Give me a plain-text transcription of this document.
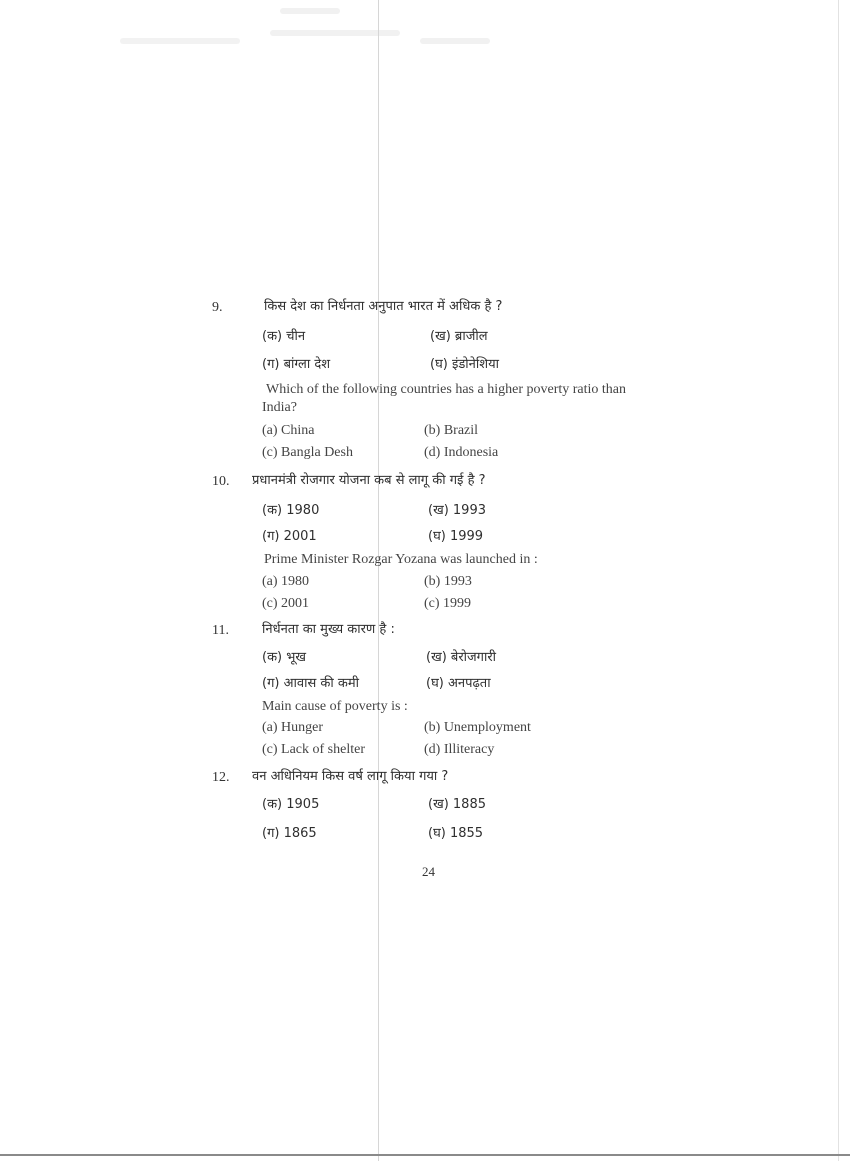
9.	किस देश का निर्धनता अनुपात भारत में अधिक है ?
(क) चीन	(ख) ब्राजील
(ग) बांग्ला देश	(घ) इंडोनेशिया
Which of the following countries has a higher poverty ratio than
India?
(a) China	(b) Brazil
(c) Bangla Desh	(d) Indonesia
10. प्रधानमंत्री रोजगार योजना कब से लागू की गई है ?
(क) 1980	(ख) 1993
(ग) 2001	(घ) 1999
Prime Minister Rozgar Yozana was launched in :
(a) 1980	(b) 1993
(c) 2001	(c) 1999
11.	निर्धनता का मुख्य कारण है :
(क) भूख	(ख) बेरोजगारी
(ग) आवास की कमी	(घ) अनपढ़ता
Main cause of poverty is :
(a) Hunger	(b) Unemployment
(c) Lack of shelter	(d) Illiteracy
12. वन अधिनियम किस वर्ष लागू किया गया ?
(क) 1905	(ख) 1885
(ग) 1865	(घ) 1855
24
